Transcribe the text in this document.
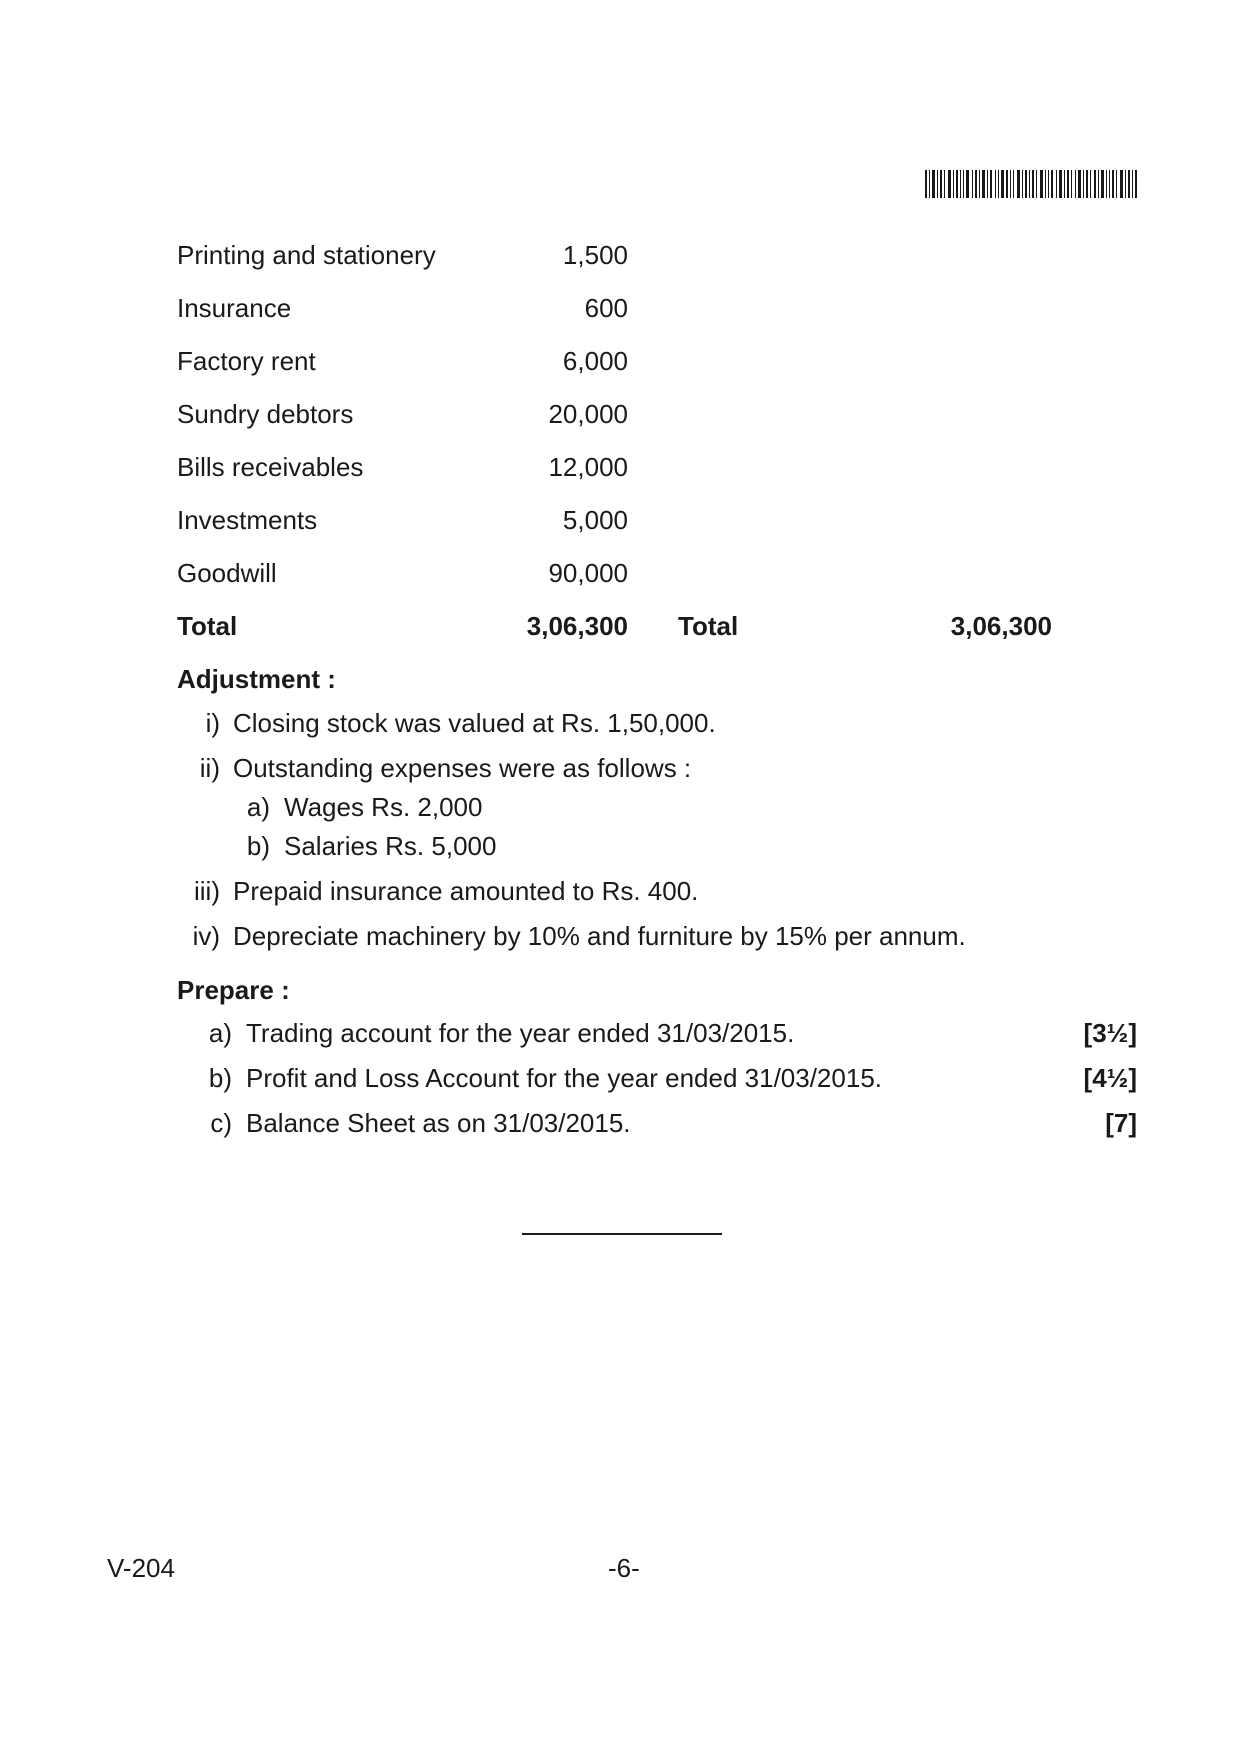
Printing and stationery	1,500
Insurance	600
Factory rent	6,000
Sundry debtors	20,000
Bills receivables	12,000
Investments	5,000
Goodwill	90,000
Total	3,06,300 Total	3,06,300
Adjustment :
i) Closing stock was valued at Rs. 1,50,000.
ii) Outstanding expenses were as follows :
a) Wages Rs. 2,000
b) Salaries Rs. 5,000
iii) Prepaid insurance amounted to Rs. 400.
iv) Depreciate machinery by 10% and furniture by 15% per annum.
Prepare :
a) Trading account for the year ended 31/03/2015.	[3½]
b) Profit and Loss Account for the year ended 31/03/2015.	[4½]
c) Balance Sheet as on 31/03/2015.	[7]
V-204	-6-
